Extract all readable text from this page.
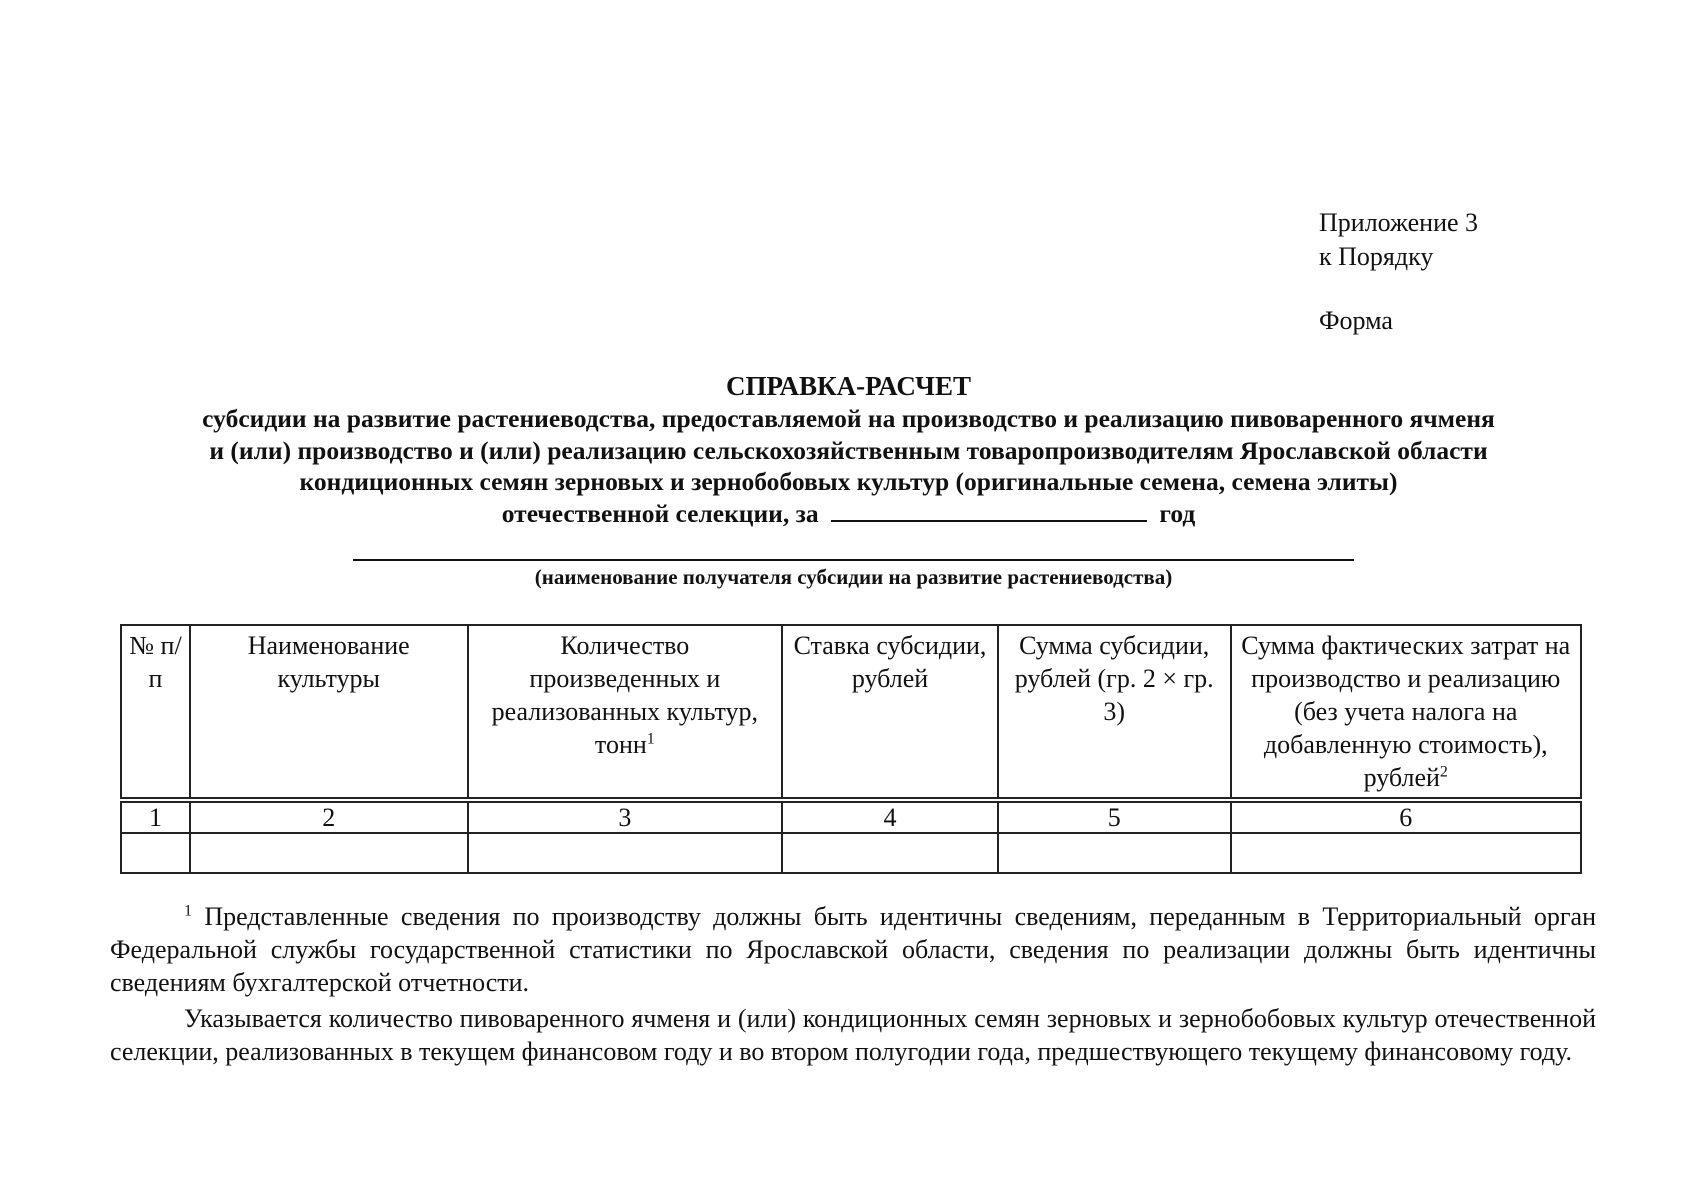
Приложение 3
к Порядку
Форма
СПРАВКА-РАСЧЕТ
субсидии на развитие растениеводства, предоставляемой на производство и реализацию пивоваренного ячменя
и (или) производство и (или) реализацию сельскохозяйственным товаропроизводителям Ярославской области
кондиционных семян зерновых и зернобобовых культур (оригинальные семена, семена элиты)
отечественной селекции, за	год
(наименование получателя субсидии на развитие растениеводства)
№ п/п	Наименование культуры	Количество произведенных и реализованных культур, тонн$^1$	Ставка субсидии, рублей	Сумма субсидии, рублей (гр. 2 × гр. 3)	Сумма фактических затрат на производство и реализацию (без учета налога на добавленную стоимость), рублей$^2$

1	2	3	4	5	6

$^1$ Представленные сведения по производству должны быть идентичны сведениям, переданным в Территориальный орган Федеральной службы государственной статистики по Ярославской области, сведения по реализации должны быть идентичны сведениям бухгалтерской отчетности.

Указывается количество пивоваренного ячменя и (или) кондиционных семян зерновых и зернобобовых культур отечественной селекции, реализованных в текущем финансовом году и во втором полугодии года, предшествующего текущему финансовому году.
